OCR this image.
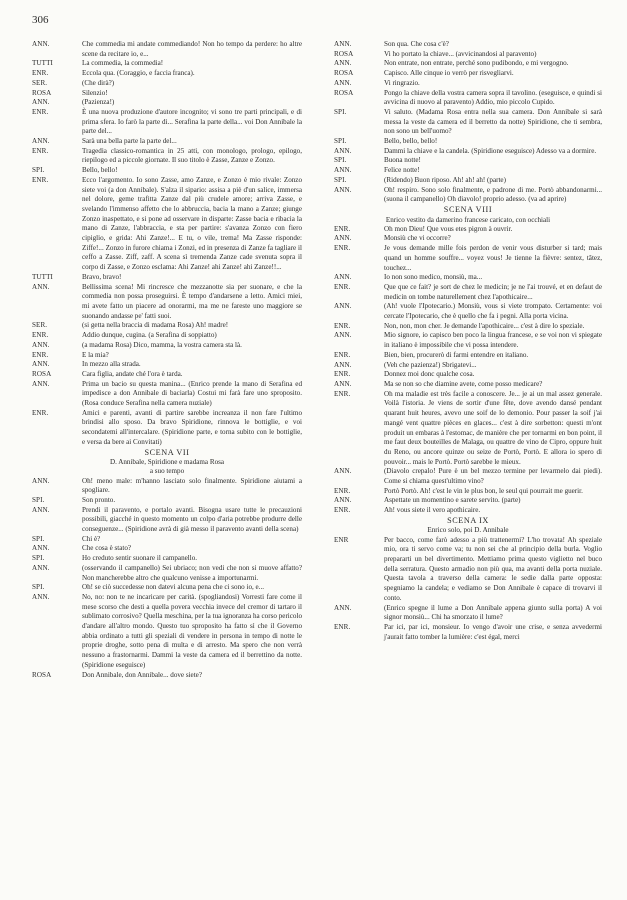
306
ANN.	Che commedia mi andate commediando! Non ho tempo da perdere: ho altre scene da recitare io, e...
TUTTI	La commedia, la commedia!
ENR.	Eccola qua. (Coraggio, e faccia franca).
SER.	(Che dirà?)
ROSA	Silenzio!
ANN.	(Pazienza!)
ENR.	È una nuova produzione d'autore incognito; vi sono tre parti principali, e di prima sfera. Io farò la parte di... Serafina la parte della... voi Don Annibale la parte del...
ANN.	Sarà una bella parte la parte del...
ENR.	Tragedia classico-romantica in 25 atti, con monologo, prologo, epilogo, riepilogo ed a piccole giornate. Il suo titolo è Zasse, Zanze e Zonzo.
SPI.	Bello, bello!
ENR.	Ecco l'argomento. Io sono Zasse, amo Zanze, e Zonzo è mio rivale: Zonzo siete voi (a don Annibale). S'alza il sipario: assisa a piè d'un salice, immersa nel dolore, geme trafitta Zanze dal più crudele amore; arriva Zasse, e svelando l'immenso affetto che lo abbruccia, bacia la mano a Zanze; giunge Zonzo inaspettato, e si pone ad osservare in disparte: Zasse bacia e ribacia la mano di Zanze, l'abbraccia, e sta per partire: s'avanza Zonzo con fiero cipiglio, e grida: Ahi Zanze!... E tu, o vile, trema! Ma Zasse risponde: Ziffe!... Zonzo in furore chiama i Zonzi, ed in presenza di Zanze fa tagliare il ceffo a Zasse. Ziff, zaff. A scena sì tremenda Zanze cade svenuta sopra il corpo di Zasse, e Zonzo esclama: Ahi Zanze! ahi Zanze! ahi Zanze!!...
TUTTI	Bravo, bravo!
ANN.	Bellissima scena! Mi rincresce che mezzanotte sia per suonare, e che la commedia non possa proseguirsi. È tempo d'andarsene a letto. Amici miei, mi avete fatto un piacere ad onorarmi, ma me ne fareste uno maggiore se suonando andasse pe' fatti suoi.
SER.	(si getta nella braccia di madama Rosa) Ah! madre!
ENR.	Addio dunque, cugina. (a Serafina di soppiatto)
ANN.	(a madama Rosa) Dico, mamma, la vostra camera sta là.
ENR.	E la mia?
ANN.	In mezzo alla strada.
ROSA	Cara figlia, andate ché l'ora è tarda.
ANN.	Prima un bacio su questa manina... (Enrico prende la mano di Serafina ed impedisce a don Annibale di baciarla) Costui mi farà fare uno sproposito. (Rosa conduce Serafina nella camera nuziale)
ENR.	Amici e parenti, avanti di partire sarebbe increanza il non fare l'ultimo brindisi allo sposo. Da bravo Spiridione, rinnova le bottiglie, e voi secondatemi all'intercalare. (Spiridione parte, e torna subito con le bottiglie, e versa da bere ai Convitati)
SCENA VII
D. Annibale, Spiridione e madama Rosa
a suo tempo
ANN.	Oh! meno male: m'hanno lasciato solo finalmente. Spiridione aiutami a spogliare.
SPI.	Son pronto.
ANN.	Prendi il paravento, e portalo avanti. Bisogna usare tutte le precauzioni possibili, giacché in questo momento un colpo d'aria potrebbe produrre delle conseguenze... (Spiridione avrà di già messo il paravento avanti della scena)
SPI.	Chi è?
ANN.	Che cosa è stato?
SPI.	Ho creduto sentir suonare il campanello.
ANN.	(osservando il campanello) Sei ubriaco; non vedi che non si muove affatto? Non mancherebbe altro che qualcuno venisse a importunarmi.
SPI.	Oh! se ciò succedesse non datevi alcuna pena che ci sono io, e...
ANN.	No, no: non te ne incaricare per carità. (spogliandosi) Vorresti fare come il mese scorso che desti a quella povera vecchia invece del cremor di tartaro il sublimato corrosivo? Quella meschina, per la tua ignoranza ha corso pericolo d'andare all'altro mondo. Questo tuo sproposito ha fatto sì che il Governo abbia ordinato a tutti gli speziali di vendere in persona in tempo di notte le proprie droghe, sotto pena di multa e di arresto. Ma spero che non verrà nessuno a frastornarmi. Dammi la veste da camera ed il berrettino da notte. (Spiridione eseguisce)
ROSA	Don Annibale, don Annibale... dove siete?
ANN.	Son qua. Che cosa c'è?
ROSA	Vi ho portato la chiave... (avvicinandosi al paravento)
ANN.	Non entrate, non entrate, perché sono pudibondo, e mi vergogno.
ROSA	Capisco. Alle cinque io verrò per risvegliarvi.
ANN.	Vi ringrazio.
ROSA	Pongo la chiave della vostra camera sopra il tavolino. (eseguisce, e quindi si avvicina di nuovo al paravento) Addio, mio piccolo Cupido.
SPI.	Vi saluto. (Madama Rosa entra nella sua camera. Don Annibale si sarà messa la veste da camera ed il berretto da notte) Spiridione, che ti sembra, non sono un bell'uomo?
SPI.	Bello, bello, bello!
ANN.	Dammi la chiave e la candela. (Spiridione eseguisce) Adesso va a dormire.
SPI.	Buona notte!
ANN.	Felice notte!
SPI.	(Ridendo) Buon riposo. Ah! ah! ah! (parte)
ANN.	Oh! respiro. Sono solo finalmente, e padrone di me. Portò abbandonarmi... (suona il campanello) Oh diavolo! proprio adesso. (va ad aprire)
SCENA VIII
Enrico vestito da damerino francese caricato, con occhiali
ENR.	Oh mon Dieu! Que vous etes pigron à ouvrir.
ANN.	Monsiù che vi occorre?
ENR.	Je vous demande mille fois perdon de venir vous disturber si tard; mais quand un homme souffre... voyez vous! Je tienne la fièvre: sentez, tâtez, touchez...
ANN.	Io non sono medico, monsiù, ma...
ENR.	Que que ce fait? je sort de chez le medicin; je ne l'ai trouvé, et en defaut de medicin on tombe naturellement chez l'apothicaire...
ANN.	(Ah! vuole l'Ipotecario.) Monsiù, vous si viete trompato. Certamente: voi cercate l'Ipotecario, che è quello che fa i pegni. Alla porta vicina.
ENR.	Non, non, mon cher. Je demande l'apothicaire... c'est à dire lo speziale.
ANN.	Mio signore, io capisco ben poco la lingua francese, e se voi non vi spiegate in italiano è impossibile che vi possa intendere.
ENR.	Bien, bien, procurerò di farmi entendre en italiano.
ANN.	(Veh che pazienza!) Sbrigatevi...
ENR.	Donnez moi donc qualche cosa.
ANN.	Ma se non so che diamine avete, come posso medicare?
ENR.	Oh ma maladie est très facile a conoscere. Je... je ai un mal assez generale. Voilà l'istoria. Je viens de sortir d'une fête, dove avendo dansé pendant quarant huit heures, avevo une soif de lo demonio. Pour passer la soif j'ai mangé vent quattre pièces en glaces... c'est à dire sorbetton: questi m'ont produit un embaras à l'estomac, de manière che per tornarmi en bon point, il me faut deux bouteilles de Malaga, ou quattre de vino de Cipro, oppure huit du Reno, ou ancore quinze ou seize de Portò, Portò. E allora io spero di pouvoir... mais le Portò. Portò sarebbe le mieux.
ANN.	(Diavolo crepalo! Pure è un bel mezzo termine per levarmelo dai piedi). Come si chiama quest'ultimo vino?
ENR.	Portò Portò. Ah! c'est le vin le plus bon, le seul qui pourrait me guerir.
ANN.	Aspettate un momentino e sarete servito. (parte)
ENR.	Ah! vous siete il vero apothicaire.
SCENA IX
Enrico solo, poi D. Annibale
ENR	Per bacco, come farò adesso a più trattenermi? L'ho trovata! Ah speziale mio, ora ti servo come va; tu non sei che al principio della burla. Voglio prepararti un bel divertimento. Mettiamo prima questo viglietto nel buco della serratura. Questo armadio non più qua, ma avanti della porta nuziale. Questa tavola a traverso della camera: le sedie dalla parte opposta: spegniamo la candela; e vediamo se Don Annibale è capace di trovarvi il conto.
ANN.	(Enrico spegne il lume a Don Annibale appena giunto sulla porta) A voi signor monsiù... Chi ha smorzato il lume?
ENR.	Par ici, par ici, monsieur. Io vengo d'avoir une crise, e senza avvedermi j'aurait fatto tomber la lumière: c'est égal, merci
